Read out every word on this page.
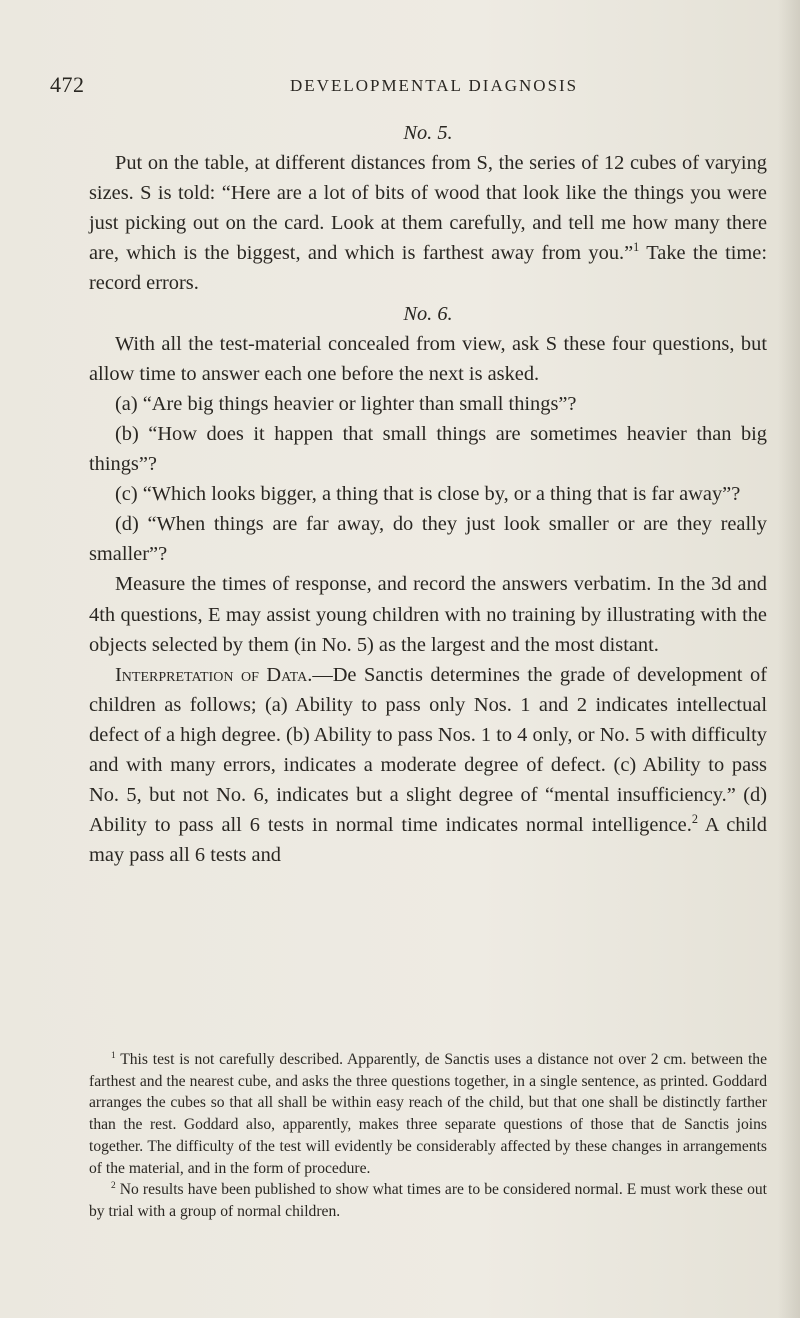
472	DEVELOPMENTAL DIAGNOSIS

No. 5.

Put on the table, at different distances from S, the series of 12 cubes of varying sizes. S is told: “Here are a lot of bits of wood that look like the things you were just picking out on the card. Look at them carefully, and tell me how many there are, which is the biggest, and which is farthest away from you.”$^1$ Take the time: record errors.

No. 6.

With all the test-material concealed from view, ask S these four questions, but allow time to answer each one before the next is asked.

(a) “Are big things heavier or lighter than small things”?

(b) “How does it happen that small things are sometimes heavier than big things”?

(c) “Which looks bigger, a thing that is close by, or a thing that is far away”?

(d) “When things are far away, do they just look smaller or are they really smaller”?

Measure the times of response, and record the answers verbatim. In the 3d and 4th questions, E may assist young children with no training by illustrating with the objects selected by them (in No. 5) as the largest and the most distant.

Interpretation of Data.—De Sanctis determines the grade of development of children as follows; (a) Ability to pass only Nos. 1 and 2 indicates intellectual defect of a high degree. (b) Ability to pass Nos. 1 to 4 only, or No. 5 with difficulty and with many errors, indicates a moderate degree of defect. (c) Ability to pass No. 5, but not No. 6, indicates but a slight degree of “mental insufficiency.” (d) Ability to pass all 6 tests in normal time indicates normal intelligence.$^2$ A child may pass all 6 tests and

$^1$ This test is not carefully described. Apparently, de Sanctis uses a distance not over 2 cm. between the farthest and the nearest cube, and asks the three questions together, in a single sentence, as printed. Goddard arranges the cubes so that all shall be within easy reach of the child, but that one shall be distinctly farther than the rest. Goddard also, apparently, makes three separate questions of those that de Sanctis joins together. The difficulty of the test will evidently be considerably affected by these changes in arrangements of the material, and in the form of procedure.

$^2$ No results have been published to show what times are to be considered normal. E must work these out by trial with a group of normal children.
